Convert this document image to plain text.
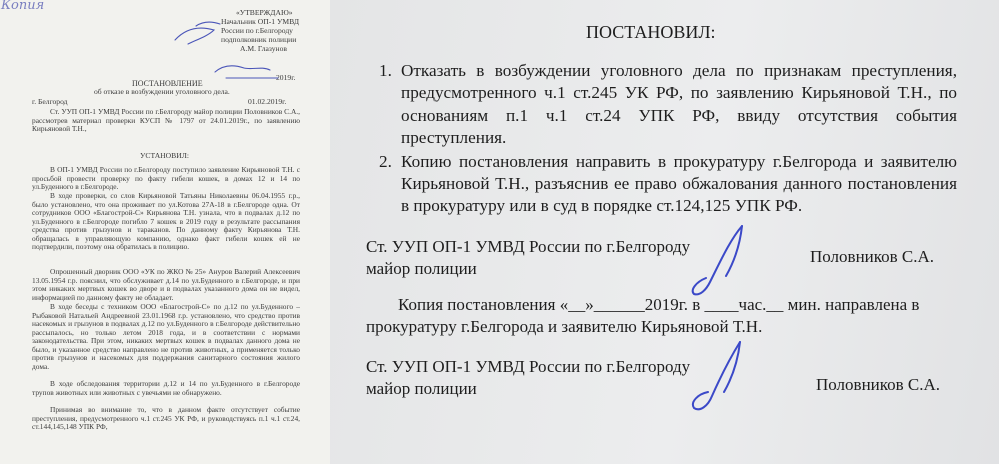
Копия	«УТВЕРЖДАЮ»
Начальник ОП-1 УМВД
России по г.Белгороду
подполковник полиции
А.М. Глазунов
2019г.
ПОСТАНОВЛЕНИЕ
об отказе в возбуждении уголовного дела.
г. Белгород	01.02.2019г.
Ст. УУП ОП-1 УМВД России по г.Белгороду майор полиции Половников С.А., рассмотрев материал проверки КУСП № 1797 от 24.01.2019г., по заявлению Кирьяновой Т.Н.,
УСТАНОВИЛ:
В ОП-1 УМВД России по г.Белгороду поступило заявление Кирьяновой Т.Н. с просьбой провести проверку по факту гибели кошек, в домах 12 и 14 по ул.Буденного в г.Белгороде.
В ходе проверки, со слов Кирьяновой Татьяны Николаевны 06.04.1955 г.р., было установлено, что она проживает по ул.Котова 27А-18 в г.Белгороде одна. От сотрудников ООО «Благострой-С» Кирьянова Т.Н. узнала, что в подвалах д.12 по ул.Буденного в г.Белгороде погибло 7 кошек в 2019 году в результате рассыпания средства против грызунов и тараканов. По данному факту Кирьянова Т.Н. обращалась в управляющую компанию, однако факт гибели кошек ей не подтвердили, поэтому она обратилась в полицию.
Опрошенный дворник ООО «УК по ЖКО № 25» Ануров Валерий Алексеевич 13.05.1954 г.р. пояснил, что обслуживает д.14 по ул.Буденного в г.Белгороде, и при этом никаких мертвых кошек во дворе и в подвалах указанного дома он не видел, информацией по данному факту не обладает.
В ходе беседы с техником ООО «Благострой-С» по д.12 по ул.Буденного – Рыбаковой Натальей Андреевной 23.01.1968 г.р. установлено, что средство против насекомых и грызунов в подвалах д.12 по ул.Буденного в г.Белгороде действительно рассыпалось, но только летом 2018 года, и в соответствии с нормами законодательства. При этом, никаких мертвых кошек в подвалах данного дома не было, и указанное средство направлено не против животных, а применяется только против грызунов и насекомых для поддержания санитарного состояния жилого дома.
В ходе обследования территории д.12 и 14 по ул.Буденного в г.Белгороде трупов животных или животных с увечьями не обнаружено.
Принимая во внимание то, что в данном факте отсутствует событие преступления, предусмотренного ч.1 ст.245 УК РФ, и руководствуясь п.1 ч.1 ст.24, ст.144,145,148 УПК РФ,
ПОСТАНОВИЛ:
1. Отказать в возбуждении уголовного дела по признакам преступления, предусмотренного ч.1 ст.245 УК РФ, по заявлению Кирьяновой Т.Н., по основаниям п.1 ч.1 ст.24 УПК РФ, ввиду отсутствия события преступления.
2. Копию постановления направить в прокуратуру г.Белгорода и заявителю Кирьяновой Т.Н., разъяснив ее право обжалования данного постановления в прокуратуру или в суд в порядке ст.124,125 УПК РФ.
Ст. УУП ОП-1 УМВД России по г.Белгороду
майор полиции
Половников С.А.
Копия постановления «__»______2019г. в ____час.__ мин. направлена в
прокуратуру г.Белгорода и заявителю Кирьяновой Т.Н.
Ст. УУП ОП-1 УМВД России по г.Белгороду
майор полиции	Половников С.А.
